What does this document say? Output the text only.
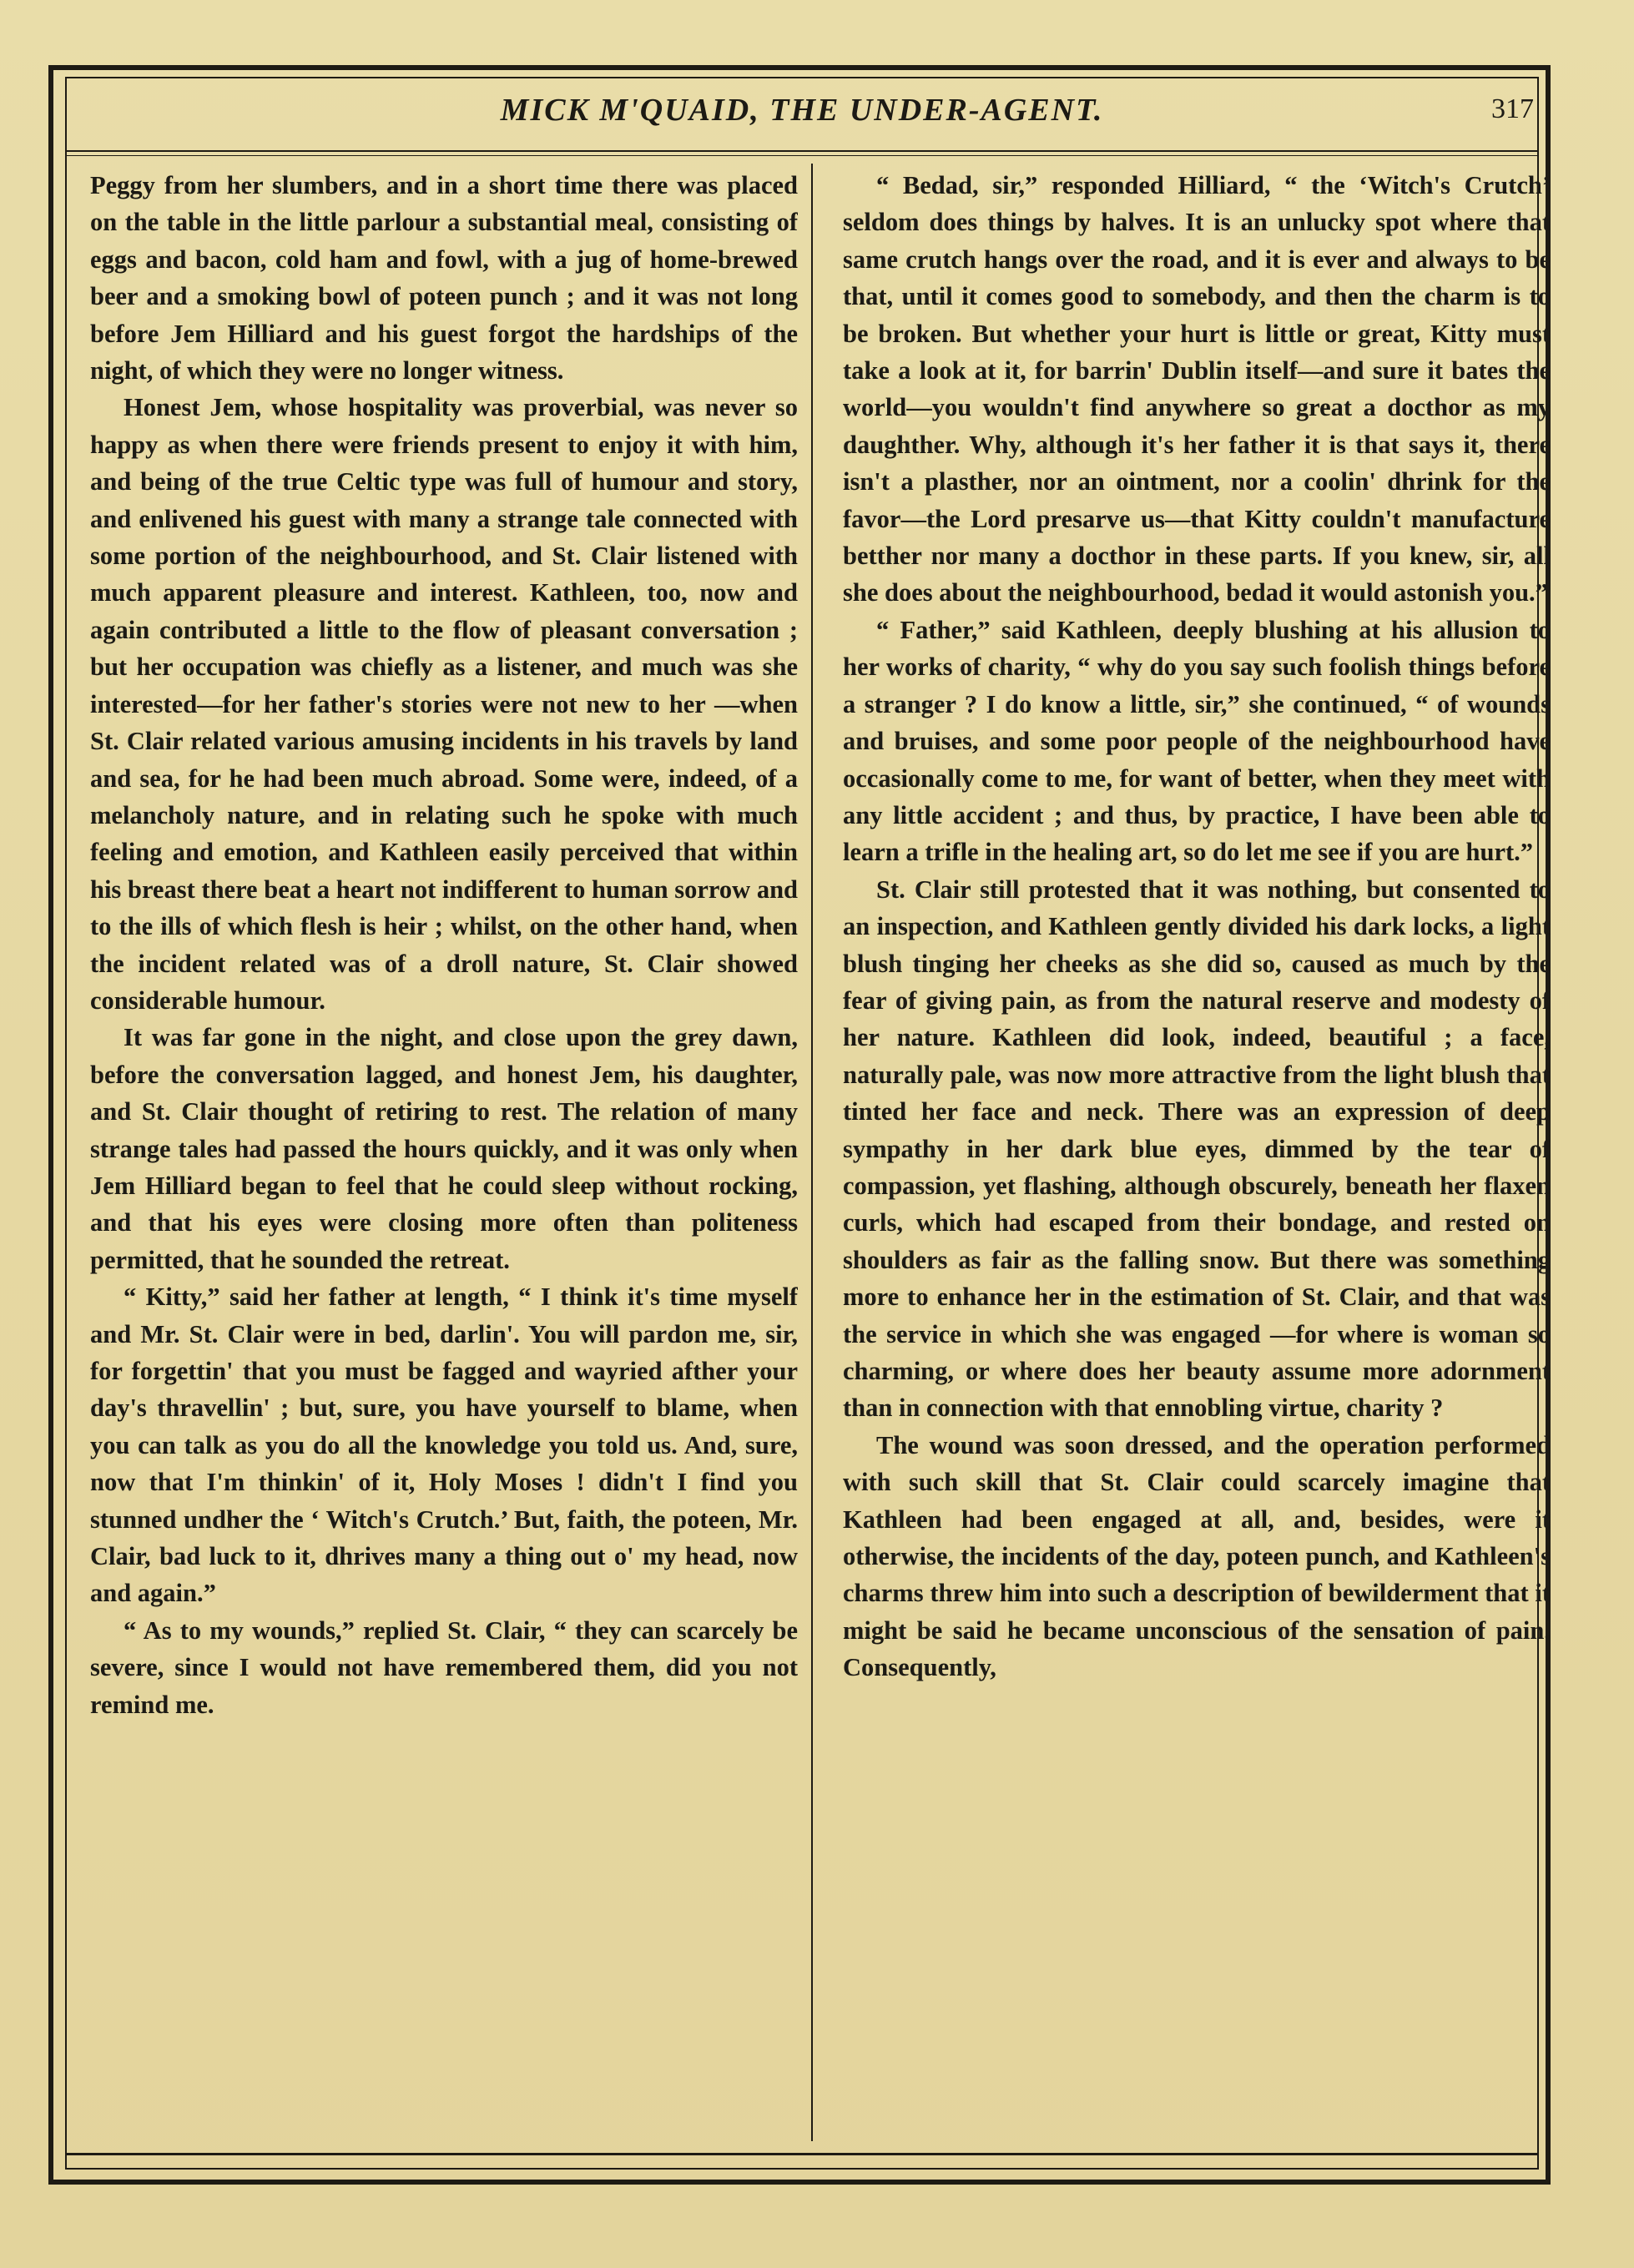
MICK M'QUAID, THE UNDER-AGENT.	317

Peggy from her slumbers, and in a short time there was placed on the table in the little parlour a substantial meal, consisting of eggs and bacon, cold ham and fowl, with a jug of home-brewed beer and a smoking bowl of poteen punch ; and it was not long before Jem Hilliard and his guest forgot the hardships of the night, of which they were no longer witness.

Honest Jem, whose hospitality was proverbial, was never so happy as when there were friends present to enjoy it with him, and being of the true Celtic type was full of humour and story, and enlivened his guest with many a strange tale connected with some portion of the neighbourhood, and St. Clair listened with much apparent pleasure and interest. Kathleen, too, now and again contributed a little to the flow of pleasant conversation ; but her occupation was chiefly as a listener, and much was she interested—for her father's stories were not new to her —when St. Clair related various amusing incidents in his travels by land and sea, for he had been much abroad. Some were, indeed, of a melancholy nature, and in relating such he spoke with much feeling and emotion, and Kathleen easily perceived that within his breast there beat a heart not indifferent to human sorrow and to the ills of which flesh is heir ; whilst, on the other hand, when the incident related was of a droll nature, St. Clair showed considerable humour.

It was far gone in the night, and close upon the grey dawn, before the conversation lagged, and honest Jem, his daughter, and St. Clair thought of retiring to rest. The relation of many strange tales had passed the hours quickly, and it was only when Jem Hilliard began to feel that he could sleep without rocking, and that his eyes were closing more often than politeness permitted, that he sounded the retreat.

“ Kitty,” said her father at length, “ I think it's time myself and Mr. St. Clair were in bed, darlin'. You will pardon me, sir, for forgettin' that you must be fagged and wayried afther your day's thravellin' ; but, sure, you have yourself to blame, when you can talk as you do all the knowledge you told us. And, sure, now that I'm thinkin' of it, Holy Moses ! didn't I find you stunned undher the ‘ Witch's Crutch.’ But, faith, the poteen, Mr. Clair, bad luck to it, dhrives many a thing out o' my head, now and again.”

“ As to my wounds,” replied St. Clair, “ they can scarcely be severe, since I would not have remembered them, did you not remind me.

“ Bedad, sir,” responded Hilliard, “ the ‘Witch's Crutch’ seldom does things by halves. It is an unlucky spot where that same crutch hangs over the road, and it is ever and always to be that, until it comes good to somebody, and then the charm is to be broken. But whether your hurt is little or great, Kitty must take a look at it, for barrin' Dublin itself—and sure it bates the world—you wouldn't find anywhere so great a docthor as my daughther. Why, although it's her father it is that says it, there isn't a plasther, nor an ointment, nor a coolin' dhrink for the favor—the Lord presarve us—that Kitty couldn't manufacture betther nor many a docthor in these parts. If you knew, sir, all she does about the neighbourhood, bedad it would astonish you.”

“ Father,” said Kathleen, deeply blushing at his allusion to her works of charity, “ why do you say such foolish things before a stranger ? I do know a little, sir,” she continued, “ of wounds and bruises, and some poor people of the neighbourhood have occasionally come to me, for want of better, when they meet with any little accident ; and thus, by practice, I have been able to learn a trifle in the healing art, so do let me see if you are hurt.”

St. Clair still protested that it was nothing, but consented to an inspection, and Kathleen gently divided his dark locks, a light blush tinging her cheeks as she did so, caused as much by the fear of giving pain, as from the natural reserve and modesty of her nature. Kathleen did look, indeed, beautiful ; a face, naturally pale, was now more attractive from the light blush that tinted her face and neck. There was an expression of deep sympathy in her dark blue eyes, dimmed by the tear of compassion, yet flashing, although obscurely, beneath her flaxen curls, which had escaped from their bondage, and rested on shoulders as fair as the falling snow. But there was something more to enhance her in the estimation of St. Clair, and that was the service in which she was engaged —for where is woman so charming, or where does her beauty assume more adornment than in connection with that ennobling virtue, charity ?

The wound was soon dressed, and the operation performed with such skill that St. Clair could scarcely imagine that Kathleen had been engaged at all, and, besides, were it otherwise, the incidents of the day, poteen punch, and Kathleen's charms threw him into such a description of bewilderment that it might be said he became unconscious of the sensation of pain. Consequently,
